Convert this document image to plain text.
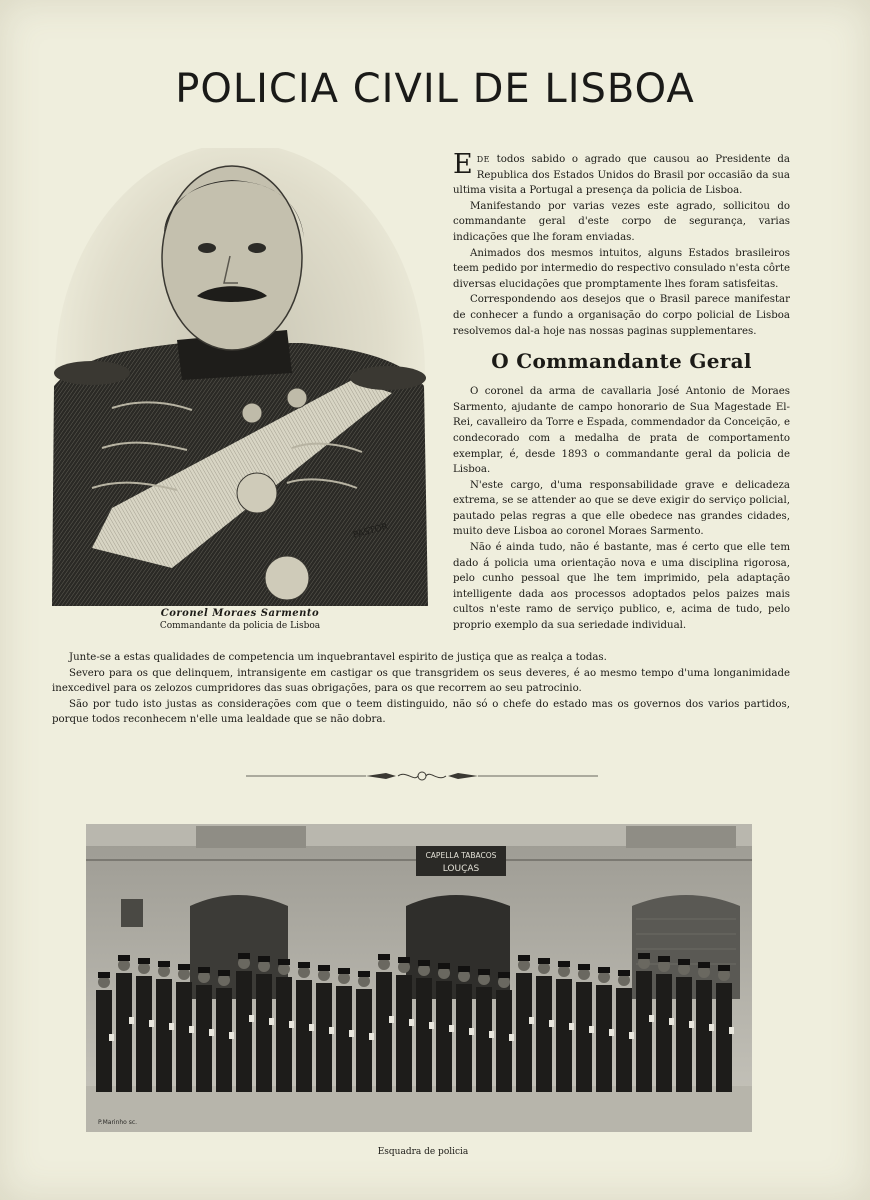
POLICIA CIVIL DE LISBOA
PASTOR
Coronel Moraes Sarmento
Commandante da policia de Lisboa

EDE todos sabido o agrado que causou ao Presidente da Republica dos Estados Unidos do Brasil por occasião da sua ultima visita a Portugal a presença da policia de Lisboa.

Manifestando por varias vezes este agrado, sollicitou do commandante geral d'este corpo de segurança, varias indicações que lhe foram enviadas.

Animados dos mesmos intuitos, alguns Estados brasileiros teem pedido por intermedio do respectivo consulado n'esta côrte diversas elucidações que promptamente lhes foram satisfeitas.

Correspondendo aos desejos que o Brasil parece manifestar de conhecer a fundo a organisação do corpo policial de Lisboa resolvemos dal-a hoje nas nossas paginas supplementares.

O Commandante Geral

O coronel da arma de cavallaria José Antonio de Moraes Sarmento, ajudante de campo honorario de Sua Magestade El-Rei, cavalleiro da Torre e Espada, commendador da Conceição, e condecorado com a medalha de prata de comportamento exemplar, é, desde 1893 o commandante geral da policia de Lisboa.

N'este cargo, d'uma responsabilidade grave e delicadeza extrema, se se attender ao que se deve exigir do serviço policial, pautado pelas regras a que elle obedece nas grandes cidades, muito deve Lisboa ao coronel Moraes Sarmento.

Não é ainda tudo, não é bastante, mas é certo que elle tem dado á policia uma orientação nova e uma disciplina rigorosa, pelo cunho pessoal que lhe tem imprimido, pela adaptação intelligente dada aos processos adoptados pelos paizes mais cultos n'este ramo de serviço publico, e, acima de tudo, pelo proprio exemplo da sua seriedade individual.

Junte-se a estas qualidades de competencia um inquebrantavel espirito de justiça que as realça a todas.

Severo para os que delinquem, intransigente em castigar os que transgridem os seus deveres, é ao mesmo tempo d'uma longanimidade inexcedivel para os zelozos cumpridores das suas obrigações, para os que recorrem ao seu patrocinio.

São por tudo isto justas as considerações com que o teem distinguido, não só o chefe do estado mas os governos dos varios partidos, porque todos reconhecem n'elle uma lealdade que se não dobra.

CAPELLA TABACOS
LOUÇAS
P.Marinho sc.
Esquadra de policia
